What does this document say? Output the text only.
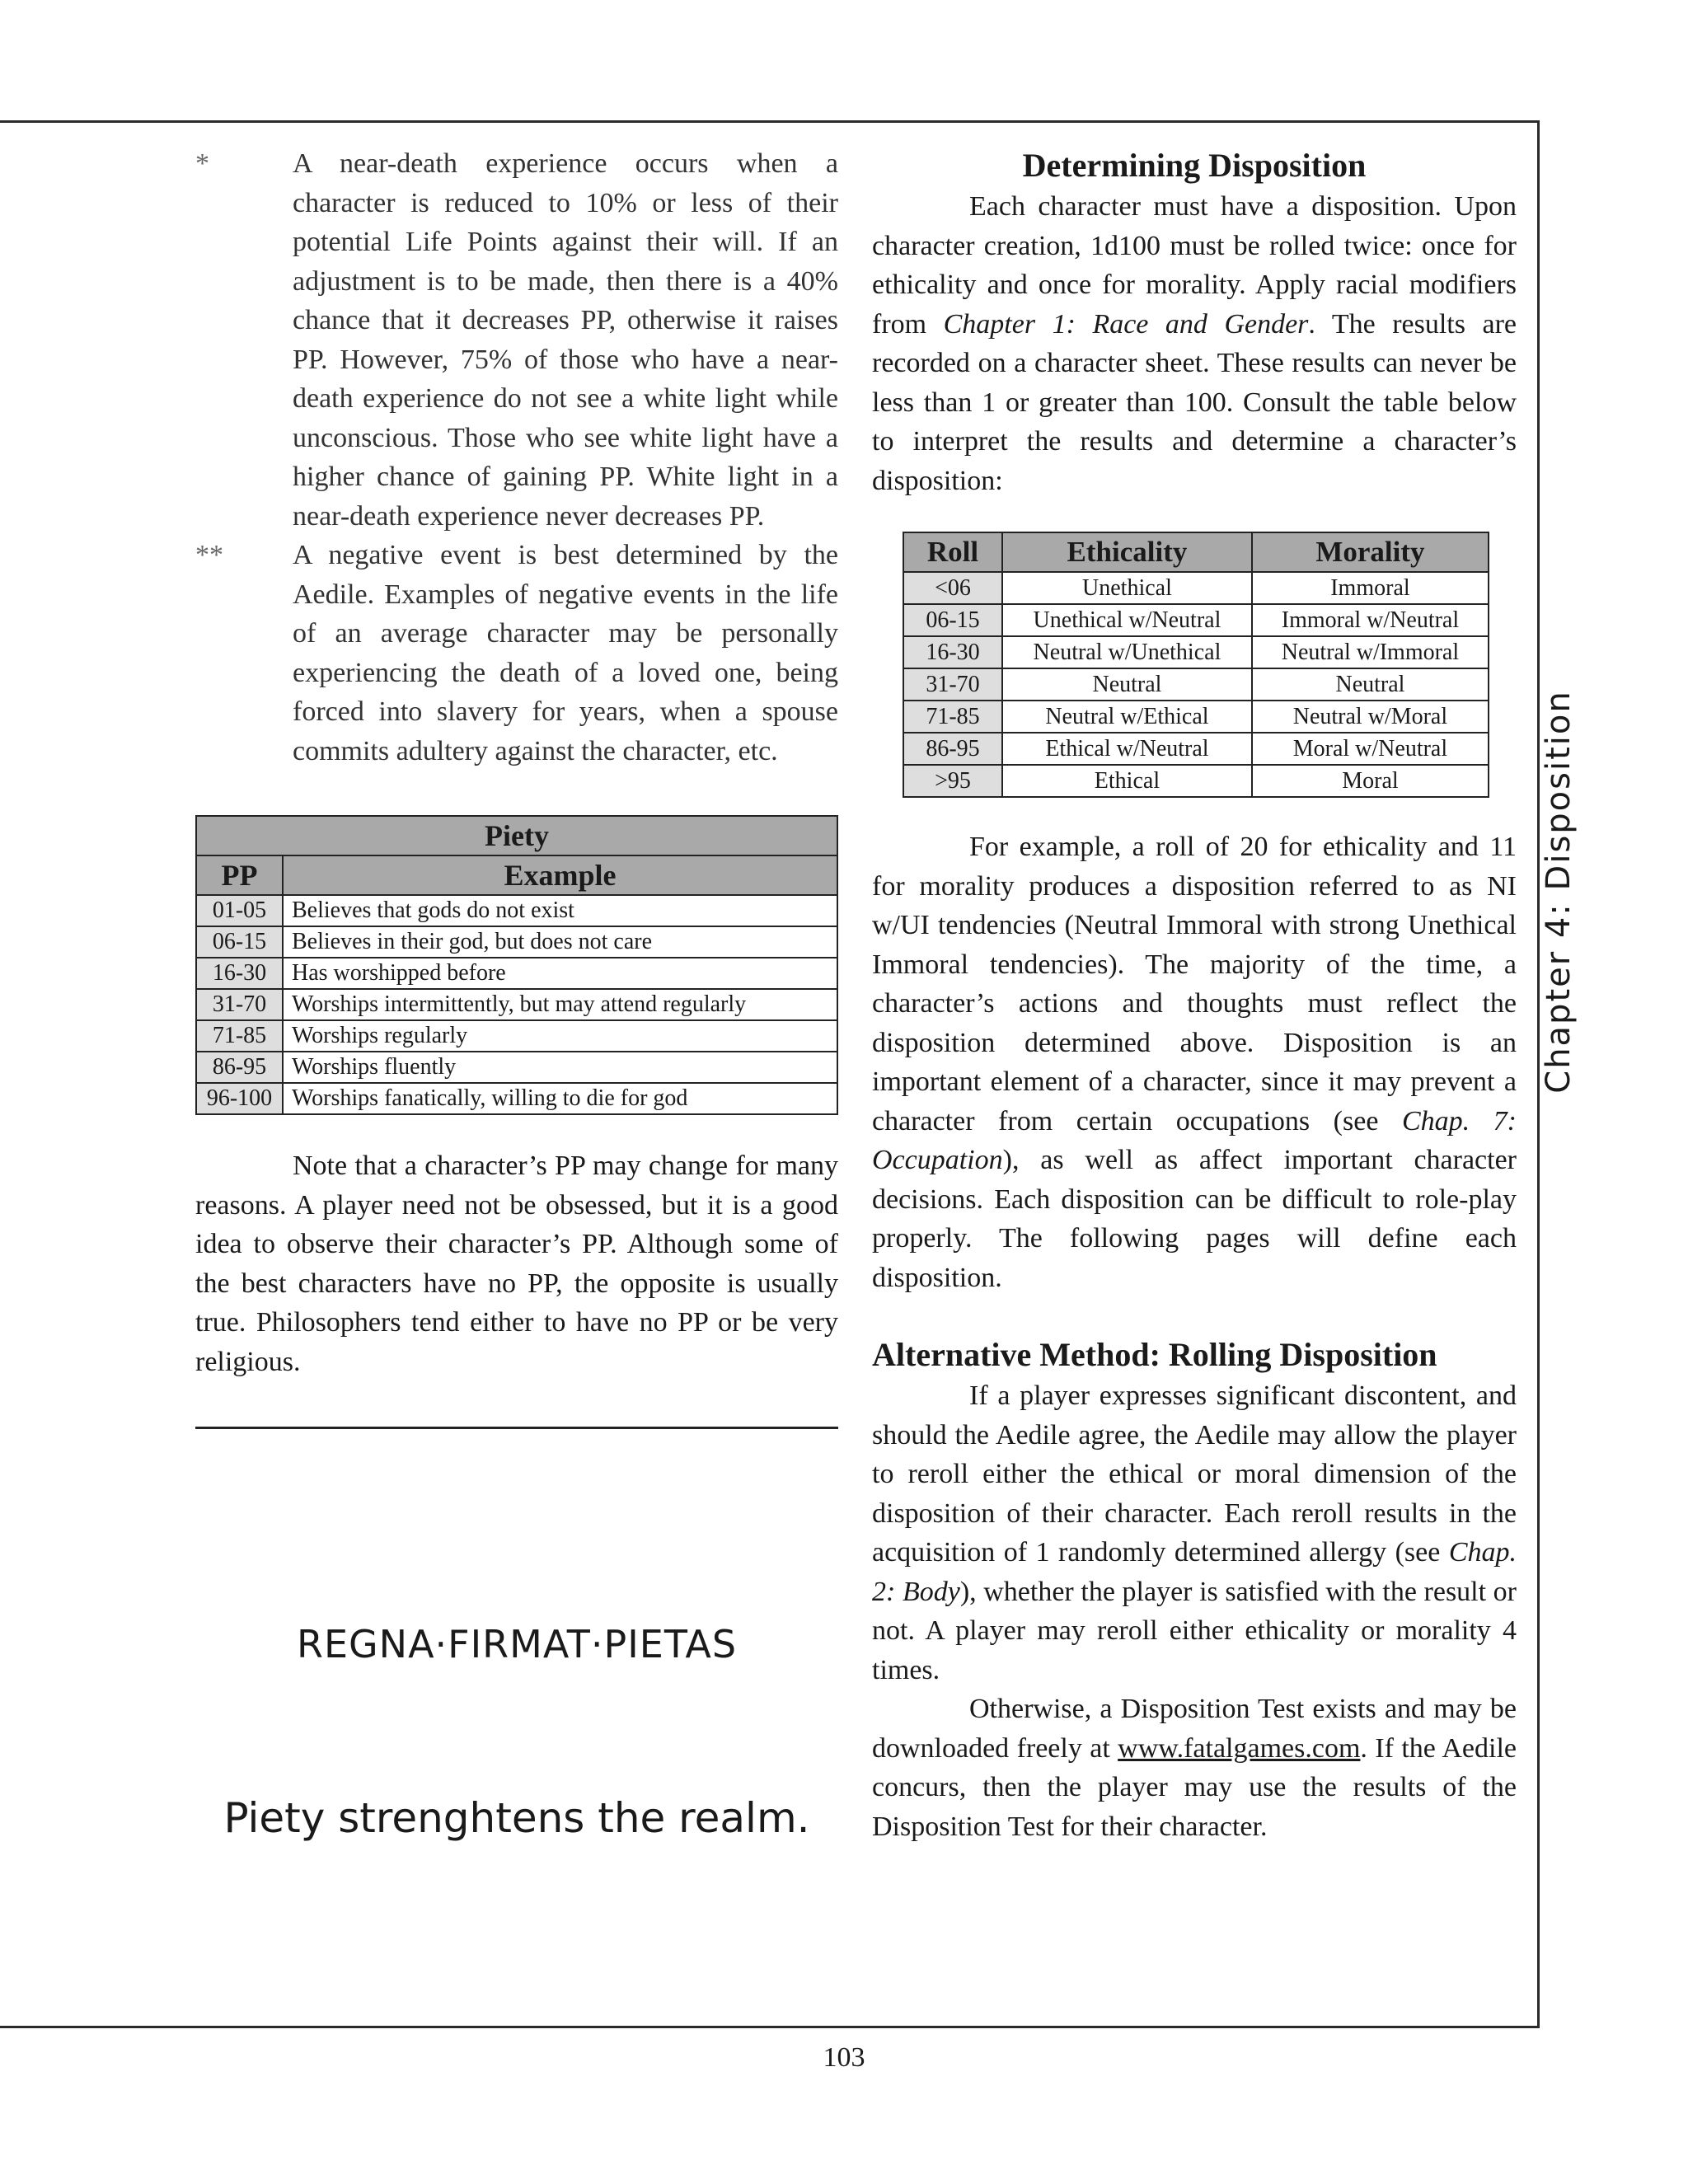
*	A near-death experience occurs when a character is reduced to 10% or less of their potential Life Points against their will. If an adjustment is to be made, then there is a 40% chance that it decreases PP, otherwise it raises PP. However, 75% of those who have a near-death experience do not see a white light while unconscious. Those who see white light have a higher chance of gaining PP. White light in a near-death experience never decreases PP.
**	A negative event is best determined by the Aedile. Examples of negative events in the life of an average character may be personally experiencing the death of a loved one, being forced into slavery for years, when a spouse commits adultery against the character, etc.
Piety	
PP	Example
01-05	Believes that gods do not exist
06-15	Believes in their god, but does not care
16-30	Has worshipped before
31-70	Worships intermittently, but may attend regularly
71-85	Worships regularly
86-95	Worships fluently
96-100	Worships fanatically, willing to die for god

Note that a character’s PP may change for many reasons. A player need not be obsessed, but it is a good idea to observe their character’s PP. Although some of the best characters have no PP, the opposite is usually true. Philosophers tend either to have no PP or be very religious.

REGNA·FIRMAT·PIETAS
Piety strenghtens the realm.
Determining Disposition

Each character must have a disposition. Upon character creation, 1d100 must be rolled twice: once for ethicality and once for morality. Apply racial modifiers from Chapter 1: Race and Gender. The results are recorded on a character sheet. These results can never be less than 1 or greater than 100. Consult the table below to interpret the results and determine a character’s disposition:

Roll	Ethicality	Morality
<06	Unethical	Immoral
06-15	Unethical w/Neutral	Immoral w/Neutral
16-30	Neutral w/Unethical	Neutral w/Immoral
31-70	Neutral	Neutral
71-85	Neutral w/Ethical	Neutral w/Moral
86-95	Ethical w/Neutral	Moral w/Neutral
>95	Ethical	Moral

For example, a roll of 20 for ethicality and 11 for morality produces a disposition referred to as NI w/UI tendencies (Neutral Immoral with strong Unethical Immoral tendencies). The majority of the time, a character’s actions and thoughts must reflect the disposition determined above. Disposition is an important element of a character, since it may prevent a character from certain occupations (see Chap. 7: Occupation), as well as affect important character decisions. Each disposition can be difficult to role-play properly. The following pages will define each disposition.

Alternative Method: Rolling Disposition

If a player expresses significant discontent, and should the Aedile agree, the Aedile may allow the player to reroll either the ethical or moral dimension of the disposition of their character. Each reroll results in the acquisition of 1 randomly determined allergy (see Chap. 2: Body), whether the player is satisfied with the result or not. A player may reroll either ethicality or morality 4 times.

Otherwise, a Disposition Test exists and may be downloaded freely at www.fatalgames.com. If the Aedile concurs, then the player may use the results of the Disposition Test for their character.

Chapter 4: Disposition
103
